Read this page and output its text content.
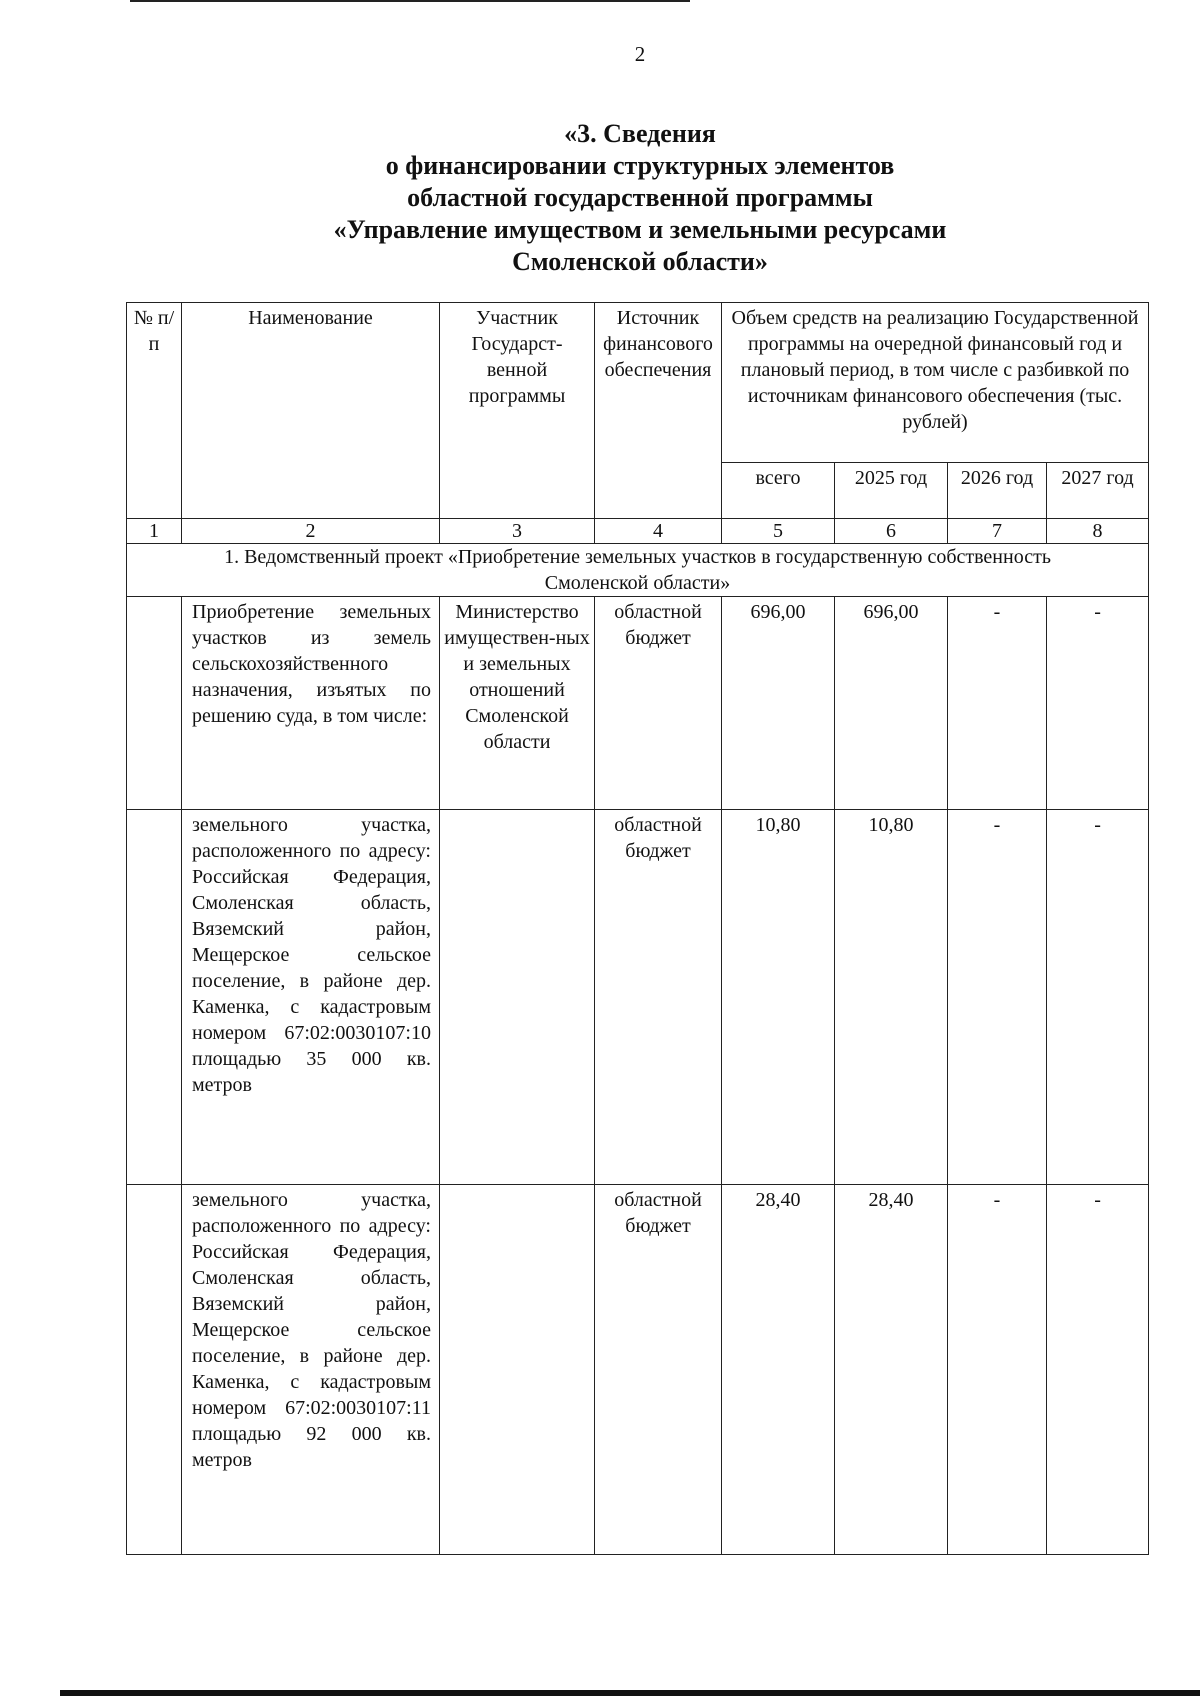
2
«3. Сведения
о финансировании структурных элементов
областной государственной программы
«Управление имуществом и земельными ресурсами
Смоленской области»
№ п/п	Наименование	Участник Государст-венной программы	Источник финансового обеспечения	Объем средств на реализацию Государственной программы на очередной финансовый год и плановый период, в том числе с разбивкой по источникам финансового обеспечения (тыс. рублей)			
				всего	2025 год	2026 год	2027 год
1	2	3	4	5	6	7	8
1. Ведомственный проект «Приобретение земельных участков в государственную собственность Смоленской области»							
	Приобретение земельных участков из земель сельскохозяйственного назначения, изъятых по решению суда, в том числе:	Министерство имуществен-ных и земельных отношений Смоленской области	областной бюджет	696,00	696,00	-	-
	земельного участка, расположенного по адресу: Российская Федерация, Смоленская область, Вяземский район, Мещерское сельское поселение, в районе дер. Каменка, с кадастровым номером 67:02:0030107:10 площадью 35 000 кв. метров		областной бюджет	10,80	10,80	-	-
	земельного участка, расположенного по адресу: Российская Федерация, Смоленская область, Вяземский район, Мещерское сельское поселение, в районе дер. Каменка, с кадастровым номером 67:02:0030107:11 площадью 92 000 кв. метров		областной бюджет	28,40	28,40	-	-
